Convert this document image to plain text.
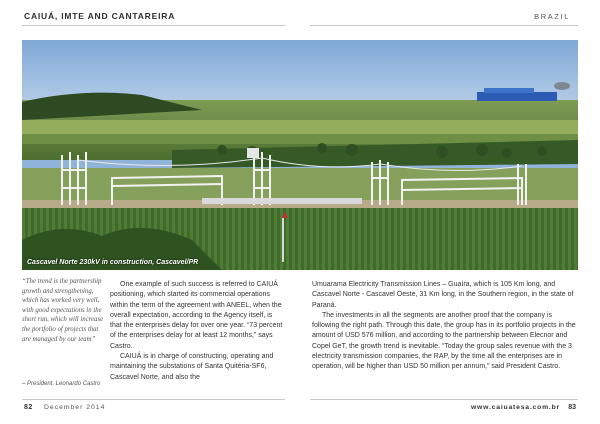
CAIUÁ, IMTE AND CANTAREIRA	BRAZIL
Cascavel Norte 230kV in construction, Cascavel/PR
“The trend is the partnership growth and strengthening, which has worked very well, with good expectations in the short run, which will increase the portfolio of projects that are managed by our team”
– President, Leonardo Castro

One example of such success is referred to CAIUÁ positioning, which started its commercial operations within the term of the agreement with ANEEL, when the overall expectation, according to the Agency itself, is that the enterprises delay for over one year. “73 percent of the enterprises delay for at least 12 months,” says Castro.

CAIUÁ is in charge of constructing, operating and maintaining the substations of Santa Quitéria-SF6, Cascavel Norte, and also the

Umuarama Electricity Transmission Lines – Guaíra, which is 105 Km long, and Cascavel Norte - Cascavel Oeste, 31 Km long, in the Southern region, in the state of Paraná.

The investments in all the segments are another proof that the company is following the right path. Through this date, the group has in its portfolio projects in the amount of USD 576 million, and according to the partnership between Elecnor and Copel GeT, the growth trend is inevitable. “Today the group sales revenue with the 3 electricity transmission companies, the RAP, by the time all the enterprises are in operation, will be higher than USD 50 million per annum,” said President Castro.

82 December 2014	www.caiuatesa.com.br 83
